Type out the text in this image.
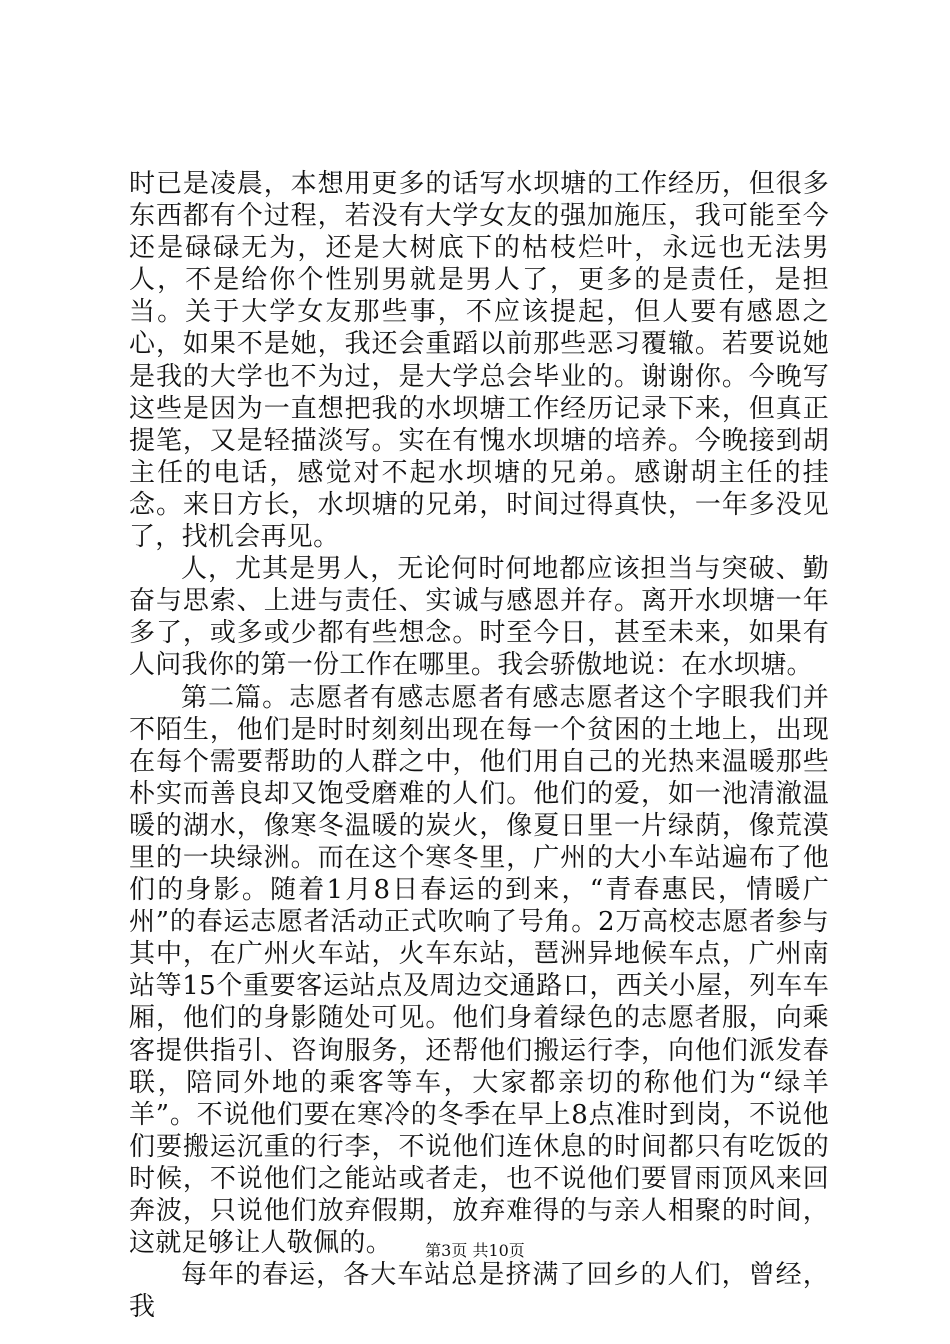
时已是凌晨，本想用更多的话写水坝塘的工作经历，但很多东西都有个过程，若没有大学女友的强加施压，我可能至今还是碌碌无为，还是大树底下的枯枝烂叶，永远也无法男人，不是给你个性别男就是男人了，更多的是责任，是担当。关于大学女友那些事，不应该提起，但人要有感恩之心，如果不是她，我还会重蹈以前那些恶习覆辙。若要说她是我的大学也不为过，是大学总会毕业的。谢谢你。今晚写这些是因为一直想把我的水坝塘工作经历记录下来，但真正提笔，又是轻描淡写。实在有愧水坝塘的培养。今晚接到胡主任的电话，感觉对不起水坝塘的兄弟。感谢胡主任的挂念。来日方长，水坝塘的兄弟，时间过得真快，一年多没见了，找机会再见。

人，尤其是男人，无论何时何地都应该担当与突破、勤奋与思索、上进与责任、实诚与感恩并存。离开水坝塘一年多了，或多或少都有些想念。时至今日，甚至未来，如果有人问我你的第一份工作在哪里。我会骄傲地说：在水坝塘。

第二篇。志愿者有感志愿者有感志愿者这个字眼我们并不陌生，他们是时时刻刻出现在每一个贫困的土地上，出现在每个需要帮助的人群之中，他们用自己的光热来温暖那些朴实而善良却又饱受磨难的人们。他们的爱，如一池清澈温暖的湖水，像寒冬温暖的炭火，像夏日里一片绿荫，像荒漠里的一块绿洲。而在这个寒冬里，广州的大小车站遍布了他们的身影。随着1月8日春运的到来，“青春惠民，情暖广州”的春运志愿者活动正式吹响了号角。2万高校志愿者参与其中，在广州火车站，火车东站，琶洲异地候车点，广州南站等15个重要客运站点及周边交通路口，西关小屋，列车车厢，他们的身影随处可见。他们身着绿色的志愿者服，向乘客提供指引、咨询服务，还帮他们搬运行李，向他们派发春联，陪同外地的乘客等车，大家都亲切的称他们为“绿羊羊”。不说他们要在寒冷的冬季在早上8点准时到岗，不说他们要搬运沉重的行李，不说他们连休息的时间都只有吃饭的时候，不说他们之能站或者走，也不说他们要冒雨顶风来回奔波，只说他们放弃假期，放弃难得的与亲人相聚的时间，这就足够让人敬佩的。

每年的春运，各大车站总是挤满了回乡的人们，曾经，我

第3页 共10页
